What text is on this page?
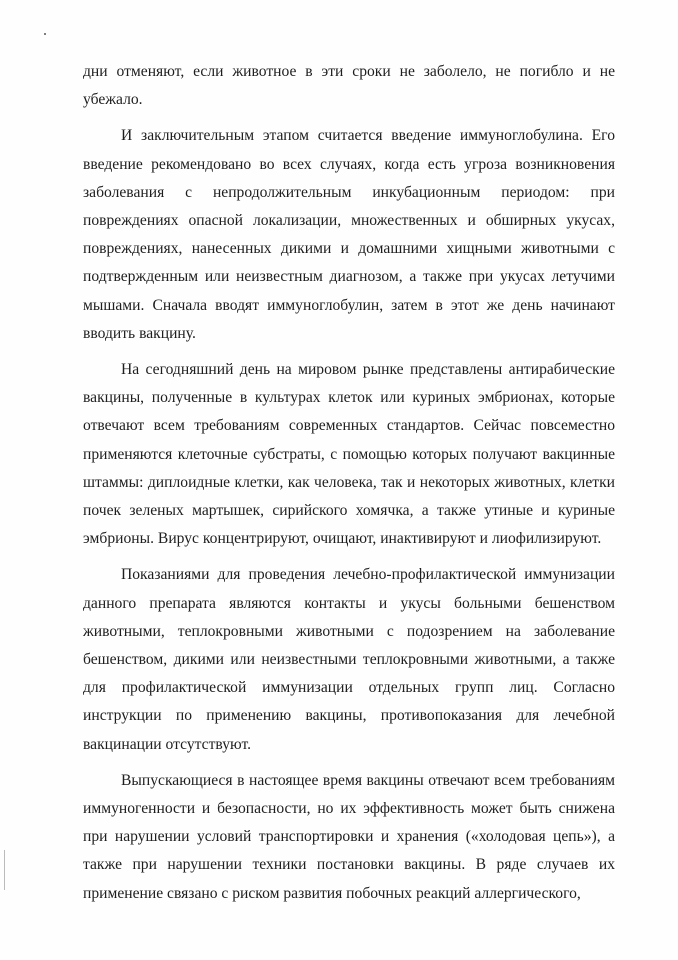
дни отменяют, если животное в эти сроки не заболело, не погибло и не убежало.

И заключительным этапом считается введение иммуноглобулина. Его введение рекомендовано во всех случаях, когда есть угроза возникновения заболевания с непродолжительным инкубационным периодом: при повреждениях опасной локализации, множественных и обширных укусах, повреждениях, нанесенных дикими и домашними хищными животными с подтвержденным или неизвестным диагнозом, а также при укусах летучими мышами. Сначала вводят иммуноглобулин, затем в этот же день начинают вводить вакцину.

На сегодняшний день на мировом рынке представлены антирабические вакцины, полученные в культурах клеток или куриных эмбрионах, которые отвечают всем требованиям современных стандартов. Сейчас повсеместно применяются клеточные субстраты, с помощью которых получают вакцинные штаммы: диплоидные клетки, как человека, так и некоторых животных, клетки почек зеленых мартышек, сирийского хомячка, а также утиные и куриные эмбрионы. Вирус концентрируют, очищают, инактивируют и лиофилизируют.

Показаниями для проведения лечебно-профилактической иммунизации данного препарата являются контакты и укусы больными бешенством животными, теплокровными животными с подозрением на заболевание бешенством, дикими или неизвестными теплокровными животными, а также для профилактической иммунизации отдельных групп лиц. Согласно инструкции по применению вакцины, противопоказания для лечебной вакцинации отсутствуют.

Выпускающиеся в настоящее время вакцины отвечают всем требованиям иммуногенности и безопасности, но их эффективность может быть снижена при нарушении условий транспортировки и хранения («холодовая цепь»), а также при нарушении техники постановки вакцины. В ряде случаев их применение связано с риском развития побочных реакций аллергического,
